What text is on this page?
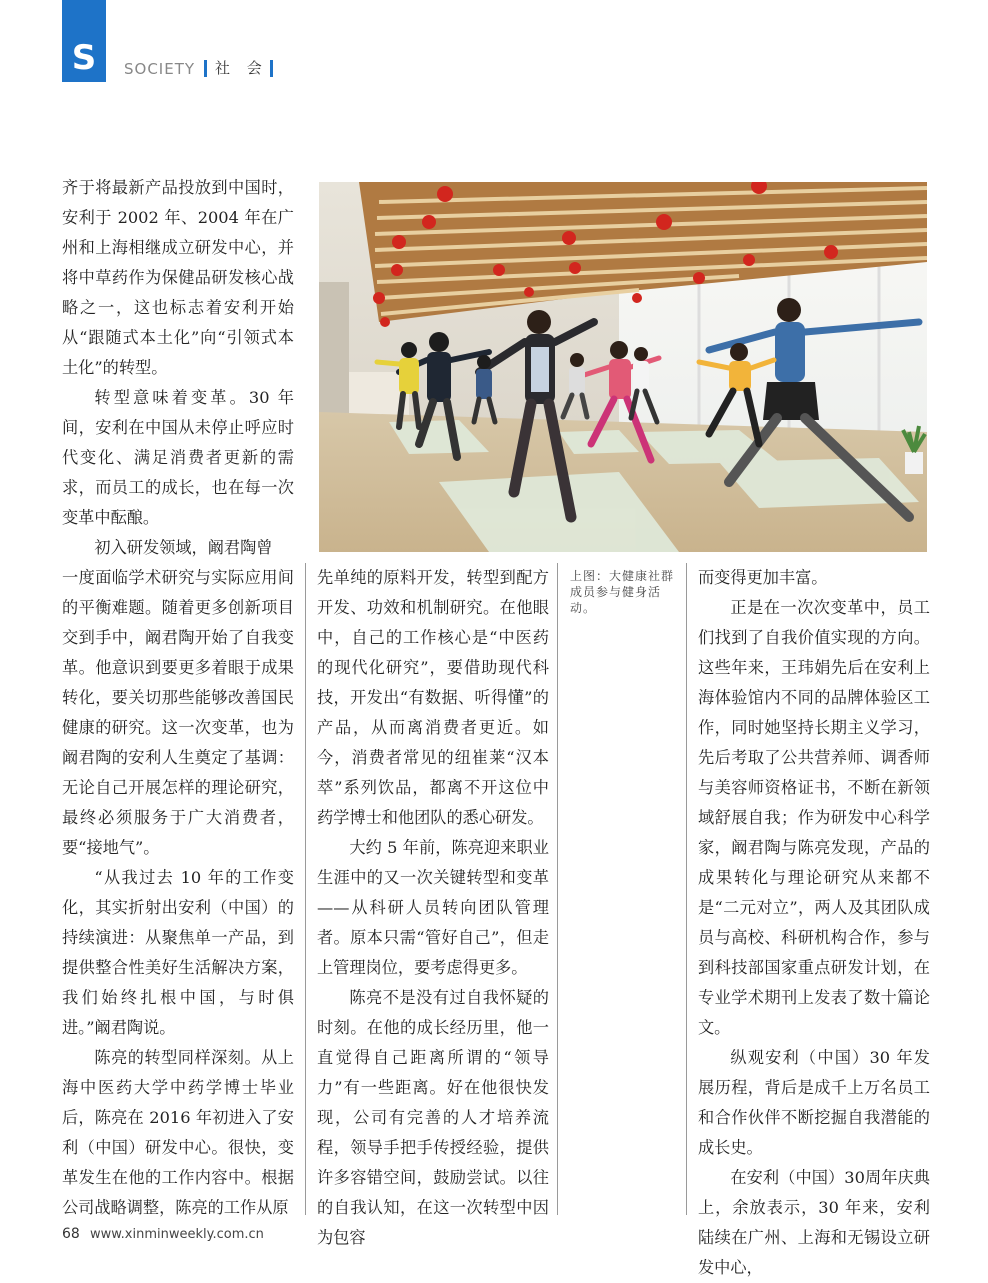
S SOCIETY	社 会

齐于将最新产品投放到中国时，安利于 2002 年、2004 年在广州和上海相继成立研发中心，并将中草药作为保健品研发核心战略之一，这也标志着安利开始从“跟随式本土化”向“引领式本土化”的转型。

转型意味着变革。30 年间，安利在中国从未停止呼应时代变化、满足消费者更新的需求，而员工的成长，也在每一次变革中酝酿。

初入研发领域，阚君陶曾

一度面临学术研究与实际应用间的平衡难题。随着更多创新项目交到手中，阚君陶开始了自我变革。他意识到要更多着眼于成果转化，要关切那些能够改善国民健康的研究。这一次变革，也为阚君陶的安利人生奠定了基调：无论自己开展怎样的理论研究，最终必须服务于广大消费者，要“接地气”。

“从我过去 10 年的工作变化，其实折射出安利（中国）的持续演进：从聚焦单一产品，到提供整合性美好生活解决方案，我们始终扎根中国，与时俱进。”阚君陶说。

陈亮的转型同样深刻。从上海中医药大学中药学博士毕业后，陈亮在 2016 年初进入了安利（中国）研发中心。很快，变革发生在他的工作内容中。根据公司战略调整，陈亮的工作从原

先单纯的原料开发，转型到配方开发、功效和机制研究。在他眼中，自己的工作核心是“中医药的现代化研究”，要借助现代科技，开发出“有数据、听得懂”的产品，从而离消费者更近。如今，消费者常见的纽崔莱“汉本萃”系列饮品，都离不开这位中药学博士和他团队的悉心研发。

大约 5 年前，陈亮迎来职业生涯中的又一次关键转型和变革——从科研人员转向团队管理者。原本只需“管好自己”，但走上管理岗位，要考虑得更多。

陈亮不是没有过自我怀疑的时刻。在他的成长经历里，他一直觉得自己距离所谓的“领导力”有一些距离。好在他很快发现，公司有完善的人才培养流程，领导手把手传授经验，提供许多容错空间，鼓励尝试。以往的自我认知，在这一次转型中因为包容

上图：大健康社群成员参与健身活动。

而变得更加丰富。

正是在一次次变革中，员工们找到了自我价值实现的方向。这些年来，王玮娟先后在安利上海体验馆内不同的品牌体验区工作，同时她坚持长期主义学习，先后考取了公共营养师、调香师与美容师资格证书，不断在新领域舒展自我；作为研发中心科学家，阚君陶与陈亮发现，产品的成果转化与理论研究从来都不是“二元对立”，两人及其团队成员与高校、科研机构合作，参与到科技部国家重点研发计划，在专业学术期刊上发表了数十篇论文。

纵观安利（中国）30 年发展历程，背后是成千上万名员工和合作伙伴不断挖掘自我潜能的成长史。

在安利（中国）30周年庆典上，余放表示，30 年来，安利陆续在广州、上海和无锡设立研发中心，

68 www.xinminweekly.com.cn
